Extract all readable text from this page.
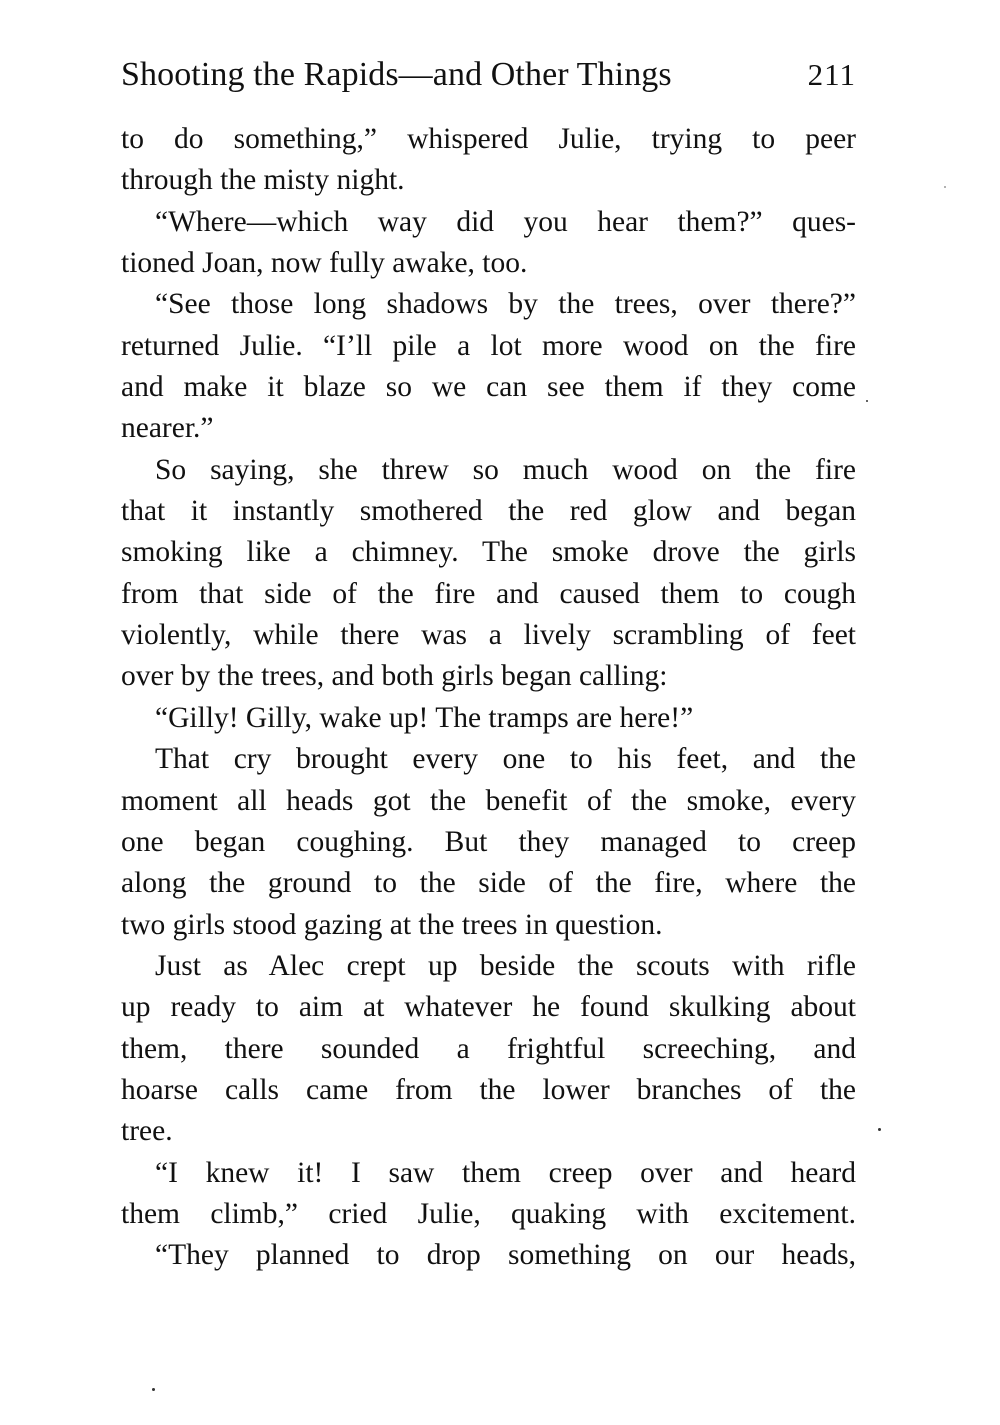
Shooting the Rapids—and Other Things	211
to do something,” whispered Julie, trying to peer
through the misty night.
“Where—which way did you hear them?” ques-
tioned Joan, now fully awake, too.
“See those long shadows by the trees, over there?”
returned Julie. “I’ll pile a lot more wood on the fire
and make it blaze so we can see them if they come
nearer.”
So saying, she threw so much wood on the fire
that it instantly smothered the red glow and began
smoking like a chimney. The smoke drove the girls
from that side of the fire and caused them to cough
violently, while there was a lively scrambling of feet
over by the trees, and both girls began calling:
“Gilly! Gilly, wake up! The tramps are here!”
That cry brought every one to his feet, and the
moment all heads got the benefit of the smoke, every
one began coughing. But they managed to creep
along the ground to the side of the fire, where the
two girls stood gazing at the trees in question.
Just as Alec crept up beside the scouts with rifle
up ready to aim at whatever he found skulking about
them, there sounded a frightful screeching, and
hoarse calls came from the lower branches of the
tree.
“I knew it! I saw them creep over and heard
them climb,” cried Julie, quaking with excitement.
“They planned to drop something on our heads,
